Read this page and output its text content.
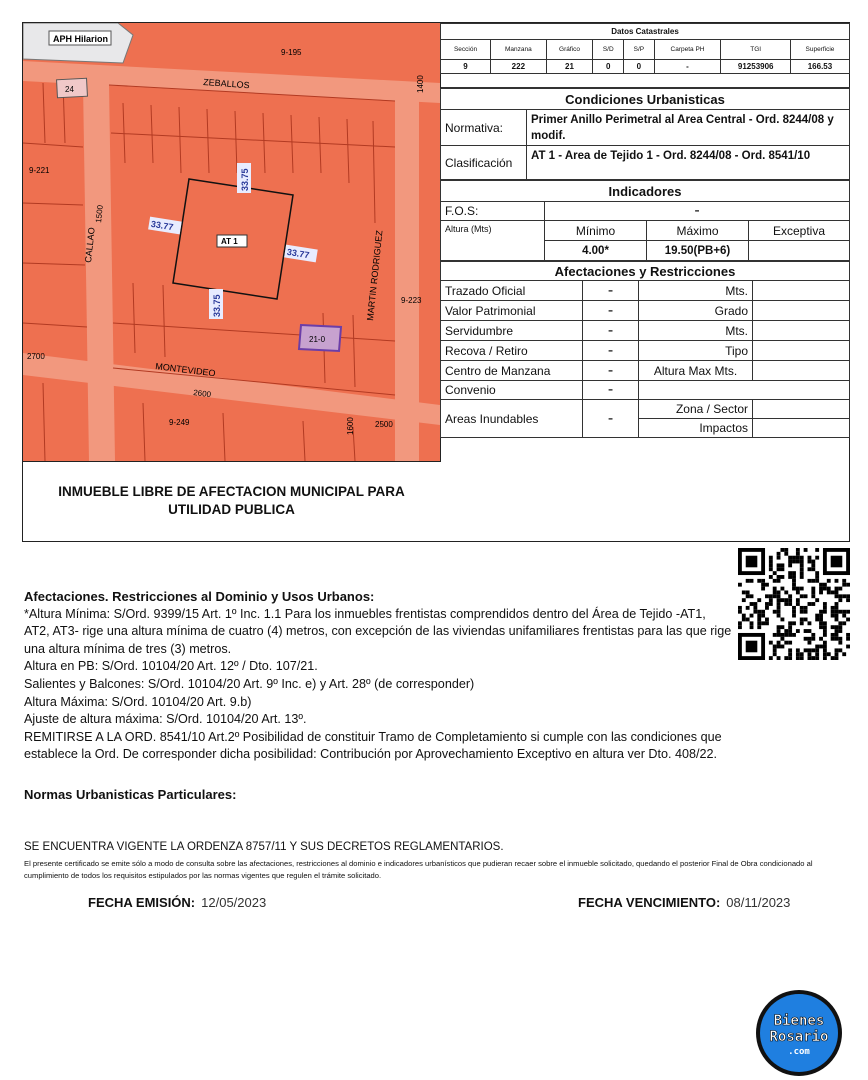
APH Hilarion
24
9-195
ZEBALLOS	1400
9-221
CALLAO
1500
MARTIN RODRIGUEZ 9-223
2700
MONTEVIDEO
2600
9-249	1600	2500
21-0
AT 1
33.75
33.77
33.77
33.75
INMUEBLE LIBRE DE AFECTACION MUNICIPAL PARA UTILIDAD PUBLICA
Datos Catastrales							
Sección	Manzana	Gráfico	S/D	S/P	Carpeta PH	TGI	Superficie
9	222	21	0	0	-	91253906	166.53

Condiciones Urbanisticas	
Normativa:	Primer Anillo Perimetral al Area Central - Ord. 8244/08 y modif.
Clasificación	AT 1 - Area de Tejido 1 - Ord. 8244/08 - Ord. 8541/10
Indicadores			
F.O.S:	-		
Altura (Mts)	Mínimo	Máximo	Exceptiva
	4.00*	19.50(PB+6)	
Afectaciones y Restricciones			
Trazado Oficial	-	Mts.	
Valor Patrimonial	-	Grado	
Servidumbre	-	Mts.	
Recova / Retiro	-	Tipo	
Centro de Manzana	-	Altura Max Mts.	
Convenio	-		
Areas Inundables	-	Zona / Sector	
		Impactos	
Afectaciones. Restricciones al Dominio y Usos Urbanos:
*Altura Mínima: S/Ord. 9399/15 Art. 1º Inc. 1.1 Para los inmuebles frentistas comprendidos dentro del Área de Tejido -AT1, AT2, AT3- rige una altura mínima de cuatro (4) metros, con excepción de las viviendas unifamiliares frentistas para las que rige una altura mínima de tres (3) metros.
Altura en PB: S/Ord. 10104/20 Art. 12º / Dto. 107/21.
Salientes y Balcones: S/Ord. 10104/20 Art. 9º Inc. e) y Art. 28º (de corresponder)
Altura Máxima: S/Ord. 10104/20 Art. 9.b)
Ajuste de altura máxima: S/Ord. 10104/20 Art. 13º.
REMITIRSE A LA ORD. 8541/10 Art.2º Posibilidad de constituir Tramo de Completamiento si cumple con las condiciones que establece la Ord. De corresponder dicha posibilidad: Contribución por Aprovechamiento Exceptivo en altura ver Dto. 408/22.
Normas Urbanisticas Particulares:
SE ENCUENTRA VIGENTE LA ORDENZA 8757/11 Y SUS DECRETOS REGLAMENTARIOS.
El presente certificado se emite sólo a modo de consulta sobre las afectaciones, restricciones al dominio e indicadores urbanísticos que pudieran recaer sobre el inmueble solicitado, quedando el posterior Final de Obra condicionado al cumplimiento de todos los requisitos estipulados por las normas vigentes que regulen el trámite solicitado.
FECHA EMISIÓN: 12/05/2023	FECHA VENCIMIENTO: 08/11/2023
Bienes
Rosario
.com
